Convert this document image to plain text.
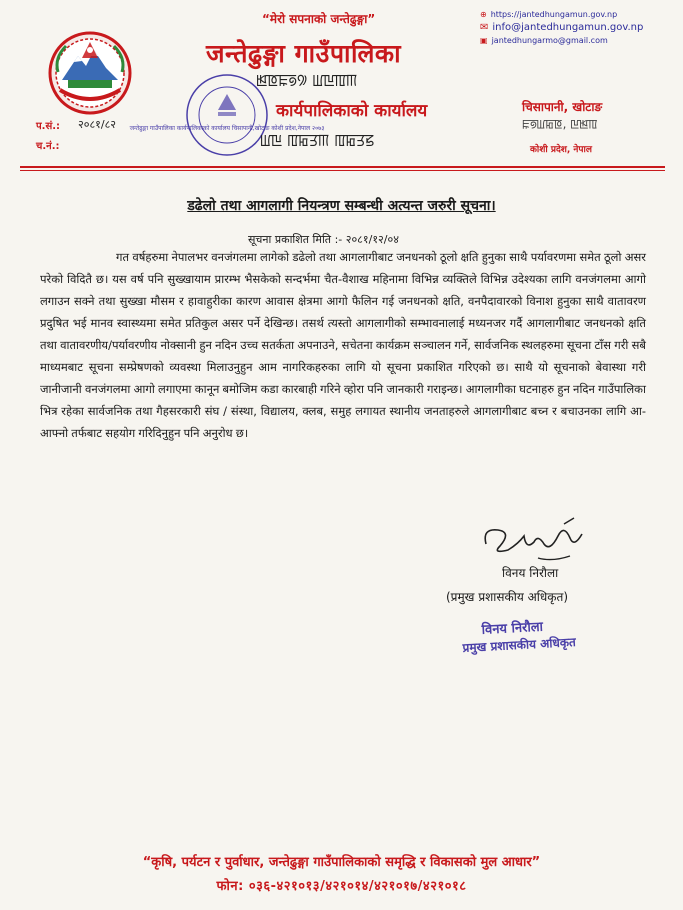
“मेरो सपनाको जन्तेढुङ्गा”
जन्तेढुङ्गा गाउँपालिका
ꡓꡔꡀꡟ꡴ ꡆꡖꡄꡕ
जन्तेढुङ्गा गाउँपालिका कार्यपालिकाको कार्यालय चिसापानी,खोटाङ कोशी प्रदेश,नेपाल २०७३
कार्यपालिकाको कार्यालय
ꡆꡖ ꡄꡂꡗꡕ ꡄꡂꡗꡝ
⊕ https://jantedhungamun.gov.np
✉ info@jantedhungamun.gov.np
▣ jantedhungarmo@gmail.com
चिसापानी, खोटाङ
ꡀꡟꡆꡂꡔ, ꡖꡓꡄ
कोशी प्रदेश, नेपाल
प.सं.: २०८१/८२
च.नं.:
डढेलो तथा आगलागी नियन्त्रण सम्बन्धी अत्यन्त जरुरी सूचना।
सूचना प्रकाशित मिति :- २०८१/१२/०४
गत वर्षहरुमा नेपालभर वनजंगलमा लागेको डढेलो तथा आगलागीबाट जनधनको ठूलो क्षति हुनुका साथै पर्यावरणमा समेत ठूलो असर परेको विदितै छ। यस वर्ष पनि सुख्खायाम प्रारम्भ भैसकेको सन्दर्भमा चैत-वैशाख महिनामा विभिन्न व्यक्तिले विभिन्न उदेश्यका लागि वनजंगलमा आगो लगाउन सक्ने तथा सुख्खा मौसम र हावाहुरीका कारण आवास क्षेत्रमा आगो फैलिन गई जनधनको क्षति, वनपैदावारको विनाश हुनुका साथै वातावरण प्रदुषित भई मानव स्वास्थ्यमा समेत प्रतिकुल असर पर्ने देखिन्छ। तसर्थ त्यस्तो आगलागीको सम्भावनालाई मध्यनजर गर्दै आगलागीबाट जनधनको क्षति तथा वातावरणीय/पर्यावरणीय नोक्सानी हुन नदिन उच्च सतर्कता अपनाउने, सचेतना कार्यक्रम सञ्चालन गर्ने, सार्वजनिक स्थलहरुमा सूचना टाँस गरी सबै माध्यमबाट सूचना सम्प्रेषणको व्यवस्था मिलाउनुहुन आम नागरिकहरुका लागि यो सूचना प्रकाशित गरिएको छ। साथै यो सूचनाको बेवास्था गरी जानीजानी वनजंगलमा आगो लगाएमा कानून बमोजिम कडा कारबाही गरिने व्होरा पनि जानकारी गराइन्छ। आगलागीका घटनाहरु हुन नदिन गाउँपालिका भित्र रहेका सार्वजनिक तथा गैहसरकारी संघ / संस्था, विद्यालय, क्लब, समुह लगायत स्थानीय जनताहरुले आगलागीबाट बच्न र बचाउनका लागि आ-आफ्नो तर्फबाट सहयोग गरिदिनुहुन पनि अनुरोध छ।
विनय निरौला
(प्रमुख प्रशासकीय अधिकृत)
विनय निरौला
प्रमुख प्रशासकीय अधिकृत
“कृषि, पर्यटन र पुर्वाधार, जन्तेढुङ्गा गाउँपालिकाको समृद्धि र विकासको मुल आधार”
फोन: ०३६-४२१०१३/४२१०१४/४२१०१७/४२१०१८
